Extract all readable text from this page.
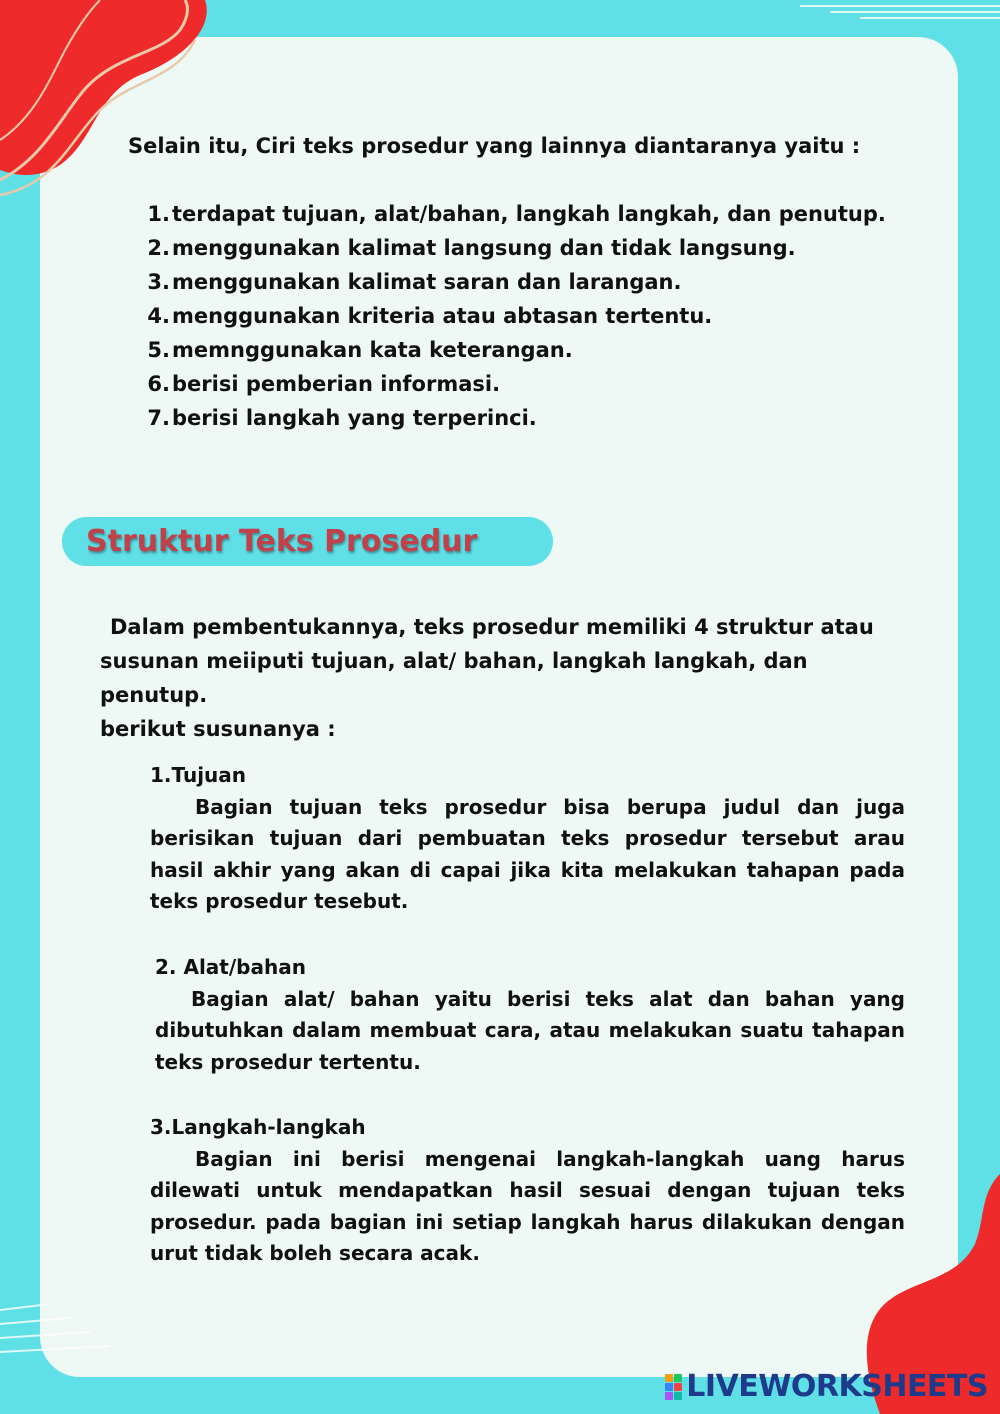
Selain itu, Ciri teks prosedur yang lainnya diantaranya yaitu :

1. terdapat tujuan, alat/bahan, langkah langkah, dan penutup.
2. menggunakan kalimat langsung dan tidak langsung.
3. menggunakan kalimat saran dan larangan.
4. menggunakan kriteria atau abtasan tertentu.
5. memnggunakan kata keterangan.
6. berisi pemberian informasi.
7. berisi langkah yang terperinci.
Struktur Teks Prosedur

Dalam pembentukannya, teks prosedur memiliki 4 struktur atau susunan meiiputi tujuan, alat/ bahan, langkah langkah, dan penutup.

berikut susunanya :

1.Tujuan

Bagian tujuan teks prosedur bisa berupa judul dan juga berisikan tujuan dari pembuatan teks prosedur tersebut arau hasil akhir yang akan di capai jika kita melakukan tahapan pada teks prosedur tesebut.

2. Alat/bahan

Bagian alat/ bahan yaitu berisi teks alat dan bahan yang dibutuhkan dalam membuat cara, atau melakukan suatu tahapan teks prosedur tertentu.

3.Langkah-langkah

Bagian ini berisi mengenai langkah-langkah uang harus dilewati untuk mendapatkan hasil sesuai dengan tujuan teks prosedur. pada bagian ini setiap langkah harus dilakukan dengan urut tidak boleh secara acak.

LIVEWORKSHEETS
